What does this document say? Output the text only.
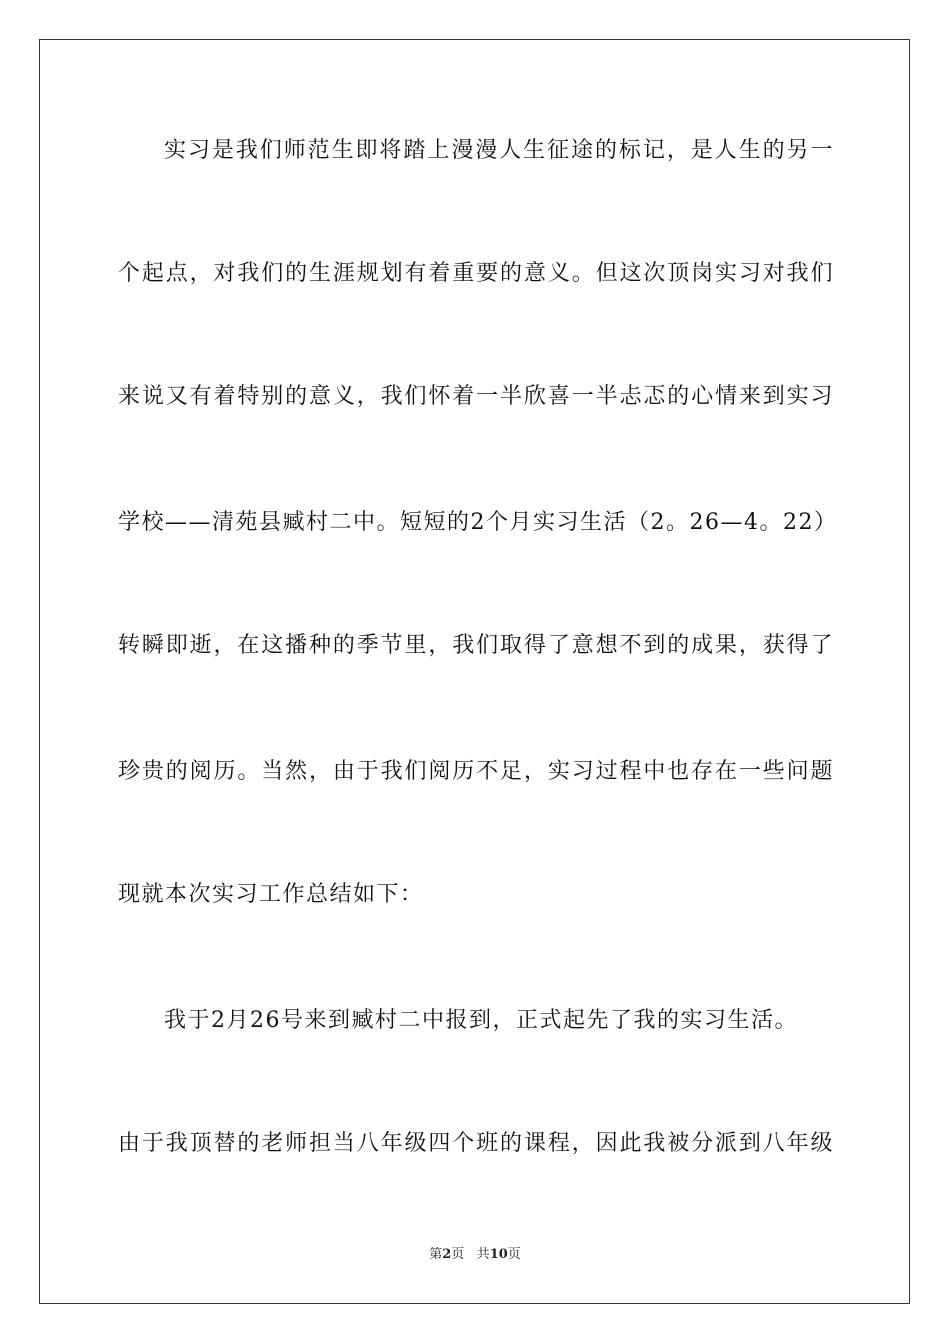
实习是我们师范生即将踏上漫漫人生征途的标记，是人生的另一
个起点，对我们的生涯规划有着重要的意义。但这次顶岗实习对我们
来说又有着特别的意义，我们怀着一半欣喜一半忐忑的心情来到实习
学校——清苑县臧村二中。短短的2个月实习生活（2。26—4。22）
转瞬即逝，在这播种的季节里，我们取得了意想不到的成果，获得了
珍贵的阅历。当然，由于我们阅历不足，实习过程中也存在一些问题
现就本次实习工作总结如下：
我于2月26号来到臧村二中报到，正式起先了我的实习生活。
由于我顶替的老师担当八年级四个班的课程，因此我被分派到八年级
第2页 共10页
